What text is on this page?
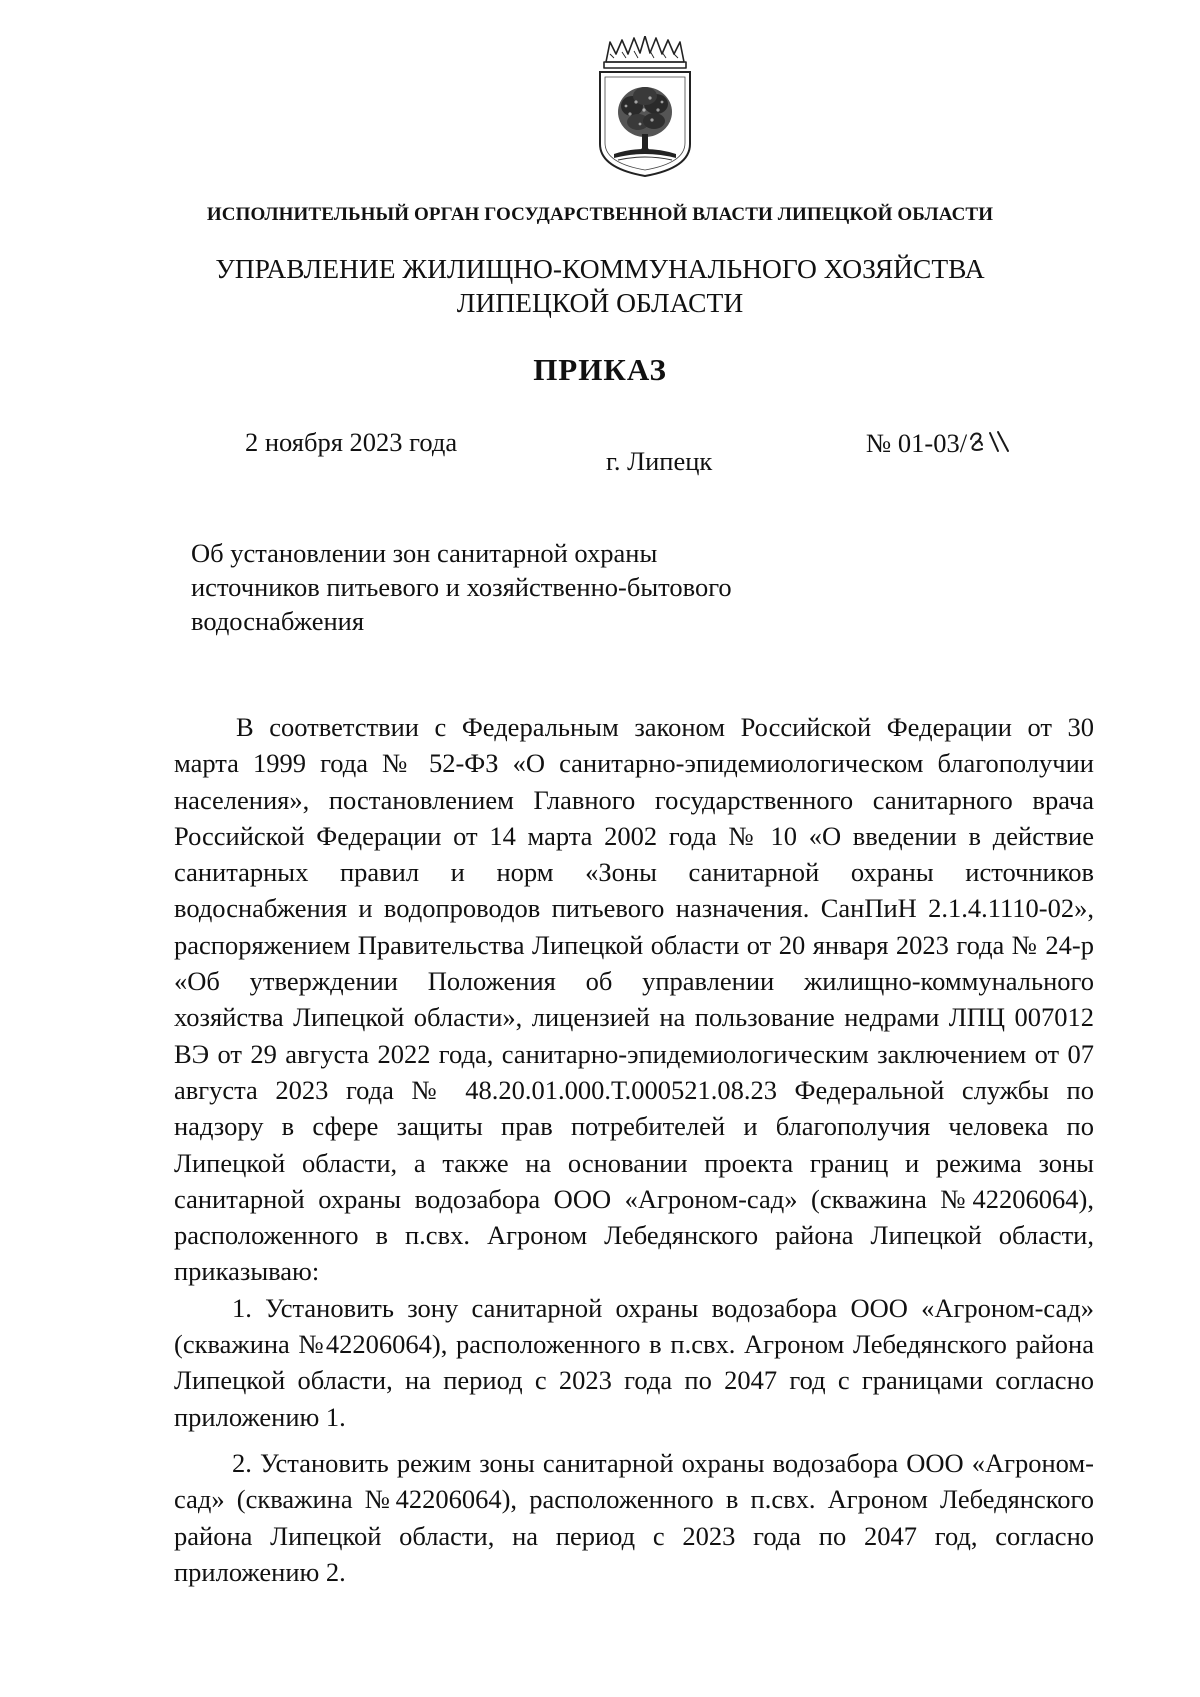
ИСПОЛНИТЕЛЬНЫЙ ОРГАН ГОСУДАРСТВЕННОЙ ВЛАСТИ ЛИПЕЦКОЙ ОБЛАСТИ
УПРАВЛЕНИЕ ЖИЛИЩНО-КОММУНАЛЬНОГО ХОЗЯЙСТВА
ЛИПЕЦКОЙ ОБЛАСТИ
ПРИКАЗ
2 ноября 2023 года
г. Липецк
№ 01-03/
Об установлении зон санитарной охраны
источников питьевого и хозяйственно-бытового
водоснабжения

В соответствии с Федеральным законом Российской Федерации от 30 марта 1999 года № 52-ФЗ «О санитарно-эпидемиологическом благополучии населения», постановлением Главного государственного санитарного врача Российской Федерации от 14 марта 2002 года № 10 «О введении в действие санитарных правил и норм «Зоны санитарной охраны источников водоснабжения и водопроводов питьевого назначения. СанПиН 2.1.4.1110-02», распоряжением Правительства Липецкой области от 20 января 2023 года № 24-р «Об утверждении Положения об управлении жилищно-коммунального хозяйства Липецкой области», лицензией на пользование недрами ЛПЦ 007012 ВЭ от 29 августа 2022 года, санитарно-эпидемиологическим заключением от 07 августа 2023 года № 48.20.01.000.Т.000521.08.23 Федеральной службы по надзору в сфере защиты прав потребителей и благополучия человека по Липецкой области, а также на основании проекта границ и режима зоны санитарной охраны водозабора ООО «Агроном-сад» (скважина №42206064), расположенного в п.свх. Агроном Лебедянского района Липецкой области, приказываю:

1. Установить зону санитарной охраны водозабора ООО «Агроном-сад» (скважина №42206064), расположенного в п.свх. Агроном Лебедянского района Липецкой области, на период с 2023 года по 2047 год с границами согласно приложению 1.

2. Установить режим зоны санитарной охраны водозабора ООО «Агроном-сад» (скважина №42206064), расположенного в п.свх. Агроном Лебедянского района Липецкой области, на период с 2023 года по 2047 год, согласно приложению 2.
